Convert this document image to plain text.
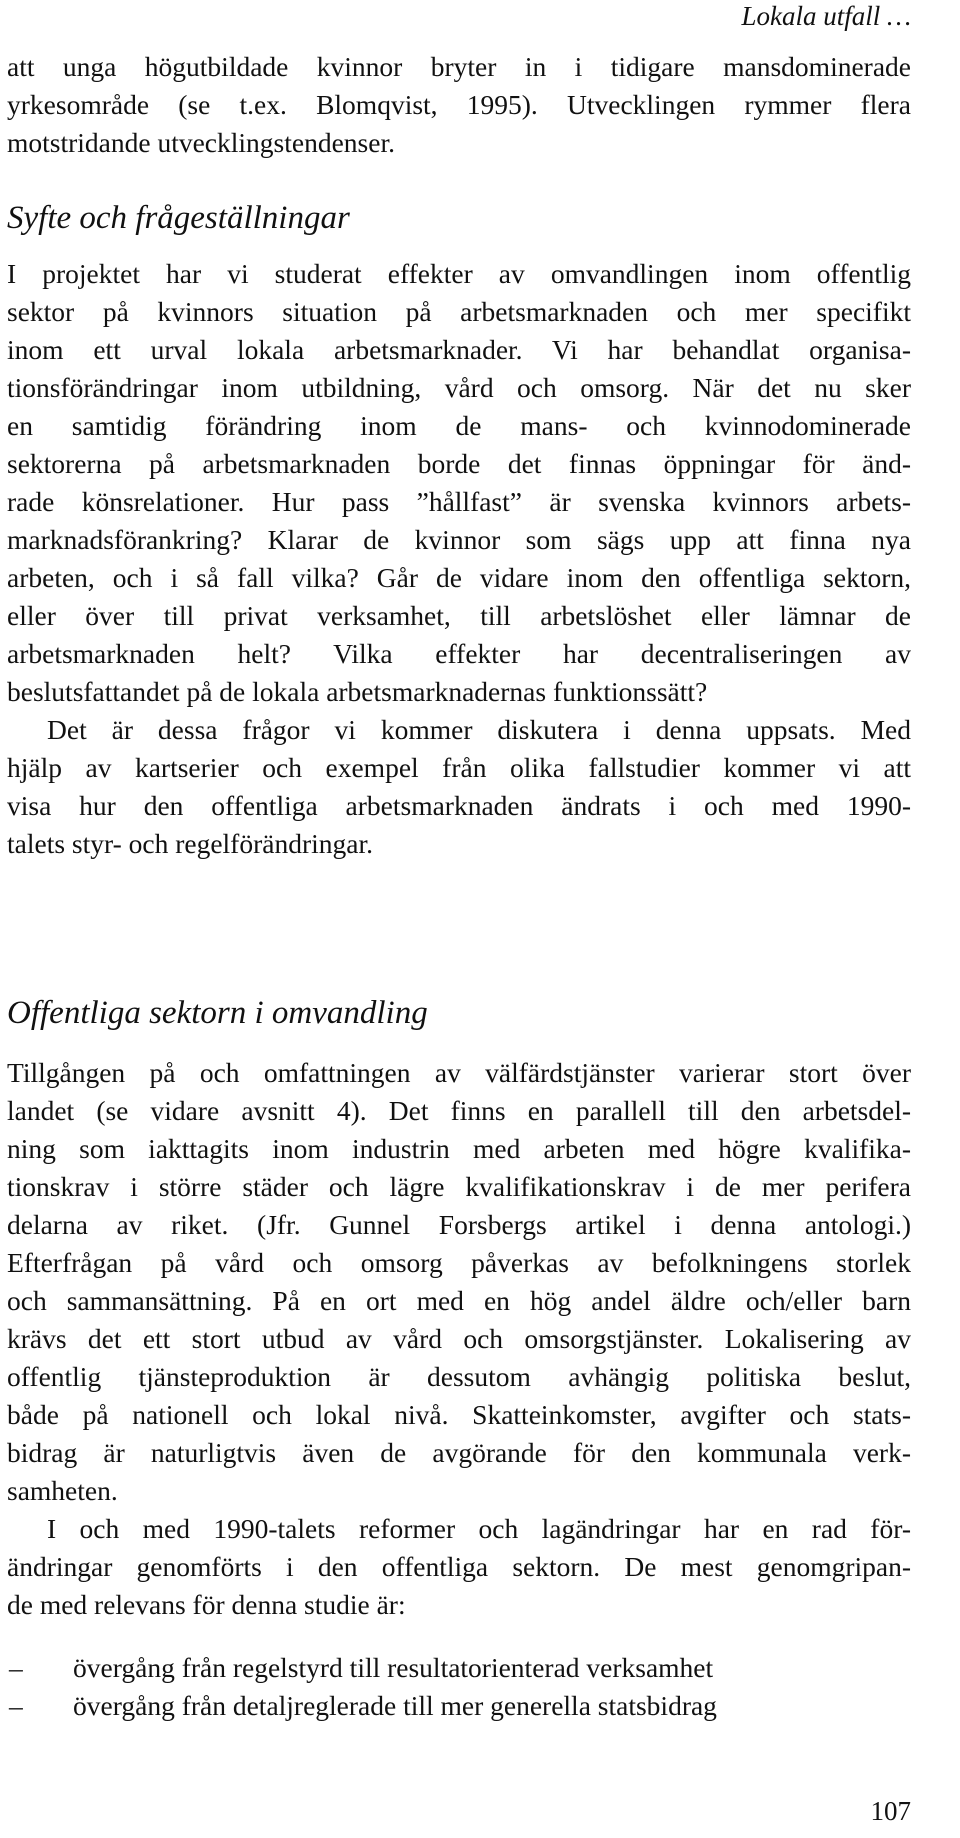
Lokala utfall …
att unga högutbildade kvinnor bryter in i tidigare mansdominerade
yrkesområde (se t.ex. Blomqvist, 1995). Utvecklingen rymmer flera
motstridande utvecklingstendenser.
Syfte och frågeställningar
I projektet har vi studerat effekter av omvandlingen inom offentlig
sektor på kvinnors situation på arbetsmarknaden och mer specifikt
inom ett urval lokala arbetsmarknader. Vi har behandlat organisa-
tionsförändringar inom utbildning, vård och omsorg. När det nu sker
en samtidig förändring inom de mans- och kvinnodominerade
sektorerna på arbetsmarknaden borde det finnas öppningar för änd-
rade könsrelationer. Hur pass ”hållfast” är svenska kvinnors arbets-
marknadsförankring? Klarar de kvinnor som sägs upp att finna nya
arbeten, och i så fall vilka? Går de vidare inom den offentliga sektorn,
eller över till privat verksamhet, till arbetslöshet eller lämnar de
arbetsmarknaden helt? Vilka effekter har decentraliseringen av
beslutsfattandet på de lokala arbetsmarknadernas funktionssätt?
Det är dessa frågor vi kommer diskutera i denna uppsats. Med
hjälp av kartserier och exempel från olika fallstudier kommer vi att
visa hur den offentliga arbetsmarknaden ändrats i och med 1990-
talets styr- och regelförändringar.
Offentliga sektorn i omvandling
Tillgången på och omfattningen av välfärdstjänster varierar stort över
landet (se vidare avsnitt 4). Det finns en parallell till den arbetsdel-
ning som iakttagits inom industrin med arbeten med högre kvalifika-
tionskrav i större städer och lägre kvalifikationskrav i de mer perifera
delarna av riket. (Jfr. Gunnel Forsbergs artikel i denna antologi.)
Efterfrågan på vård och omsorg påverkas av befolkningens storlek
och sammansättning. På en ort med en hög andel äldre och/eller barn
krävs det ett stort utbud av vård och omsorgstjänster. Lokalisering av
offentlig tjänsteproduktion är dessutom avhängig politiska beslut,
både på nationell och lokal nivå. Skatteinkomster, avgifter och stats-
bidrag är naturligtvis även de avgörande för den kommunala verk-
samheten.
I och med 1990-talets reformer och lagändringar har en rad för-
ändringar genomförts i den offentliga sektorn. De mest genomgripan-
de med relevans för denna studie är:
– övergång från regelstyrd till resultatorienterad verksamhet
– övergång från detaljreglerade till mer generella statsbidrag
107
